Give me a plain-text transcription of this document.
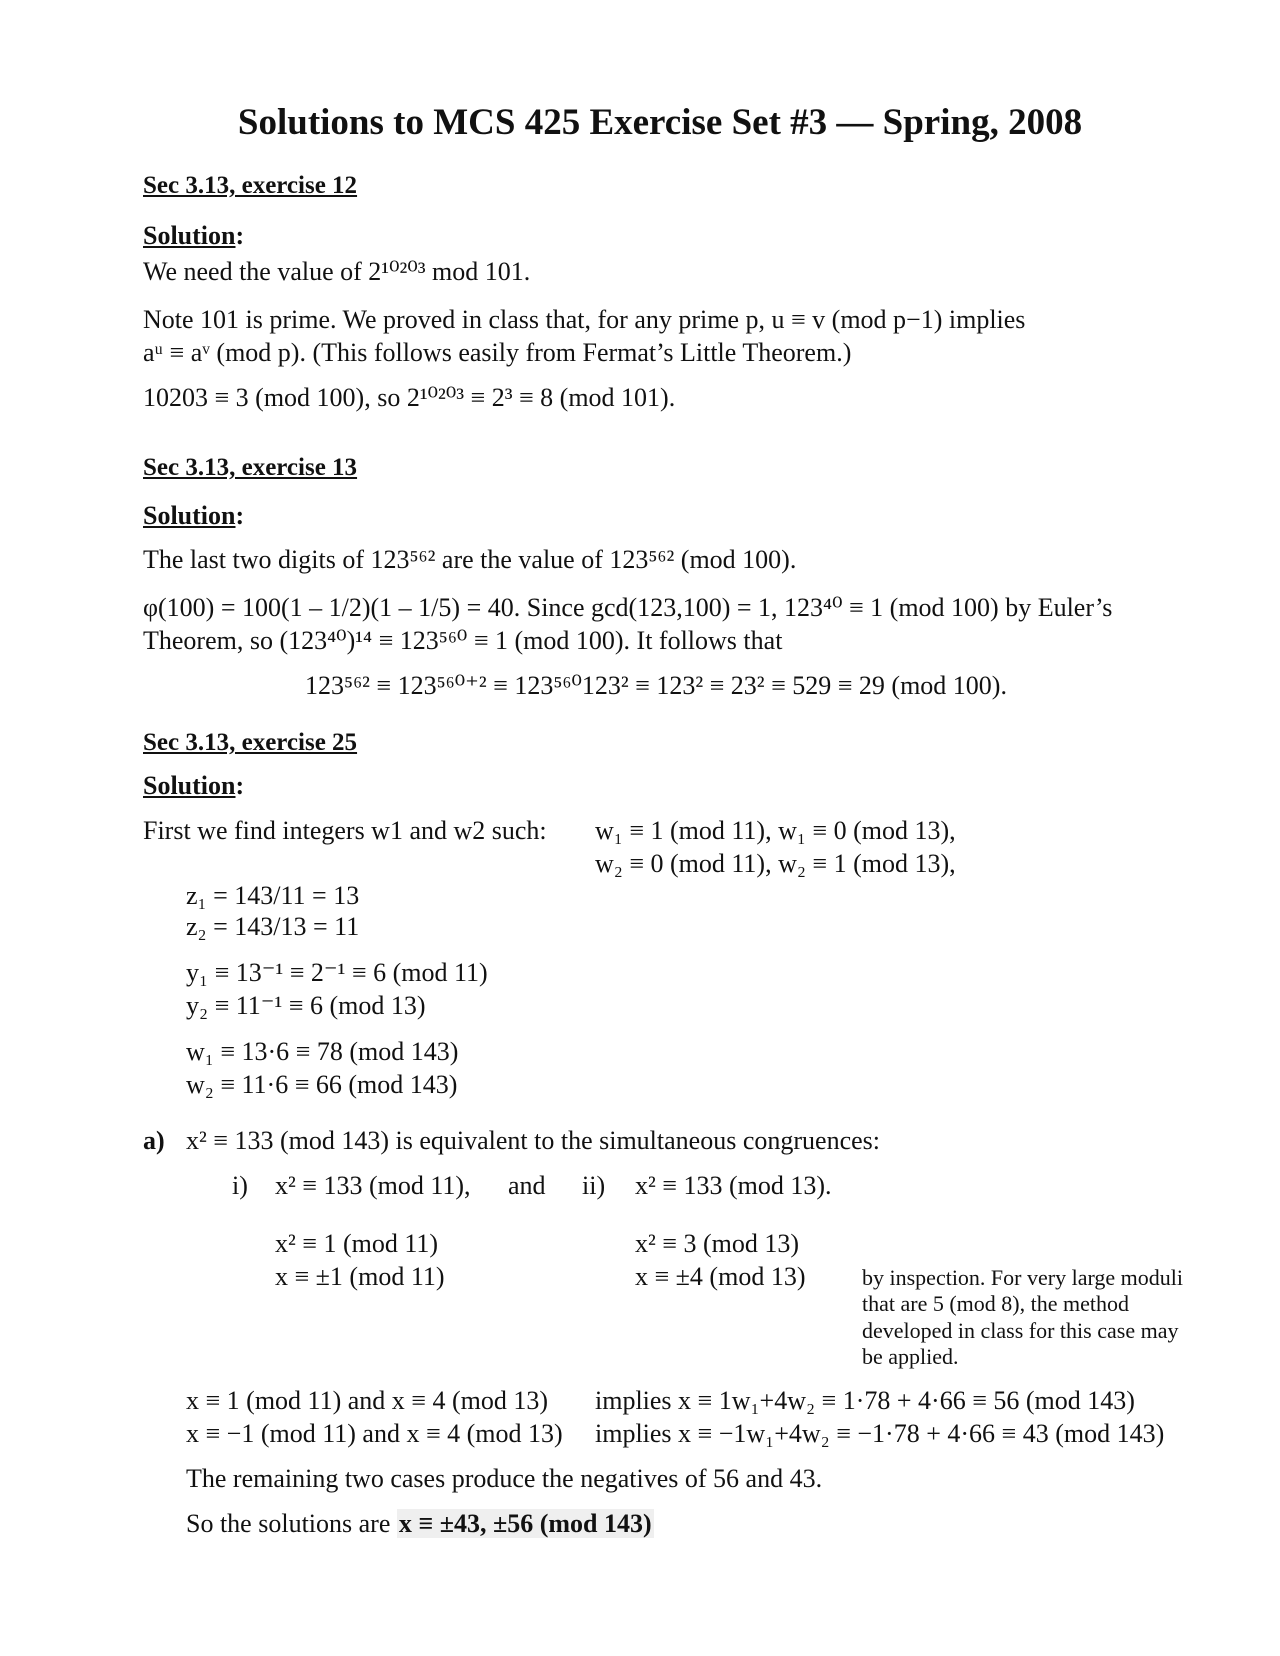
Solutions to MCS 425 Exercise Set #3 — Spring, 2008
Sec 3.13, exercise 12
Solution:
We need the value of 2¹⁰²⁰³ mod 101.
Note 101 is prime. We proved in class that, for any prime p, u ≡ v (mod p−1) implies
aᵘ ≡ aᵛ (mod p). (This follows easily from Fermat’s Little Theorem.)
10203 ≡ 3 (mod 100), so 2¹⁰²⁰³ ≡ 2³ ≡ 8 (mod 101).
Sec 3.13, exercise 13
Solution:
The last two digits of 123⁵⁶² are the value of 123⁵⁶² (mod 100).
φ(100) = 100(1 – 1/2)(1 – 1/5) = 40. Since gcd(123,100) = 1, 123⁴⁰ ≡ 1 (mod 100) by Euler’s
Theorem, so (123⁴⁰)¹⁴ ≡ 123⁵⁶⁰ ≡ 1 (mod 100). It follows that
123⁵⁶² ≡ 123⁵⁶⁰⁺² ≡ 123⁵⁶⁰123² ≡ 123² ≡ 23² ≡ 529 ≡ 29 (mod 100).
Sec 3.13, exercise 25
Solution:
First we find integers w1 and w2 such: w₁ ≡ 1 (mod 11), w₁ ≡ 0 (mod 13),
w₂ ≡ 0 (mod 11), w₂ ≡ 1 (mod 13),
z₁ = 143/11 = 13
z₂ = 143/13 = 11
y₁ ≡ 13⁻¹ ≡ 2⁻¹ ≡ 6 (mod 11)
y₂ ≡ 11⁻¹ ≡ 6 (mod 13)
w₁ ≡ 13·6 ≡ 78 (mod 143)
w₂ ≡ 11·6 ≡ 66 (mod 143)
a) x² ≡ 133 (mod 143) is equivalent to the simultaneous congruences:
i) x² ≡ 133 (mod 11), and ii) x² ≡ 133 (mod 13).
x² ≡ 1 (mod 11)
x ≡ ±1 (mod 11)
x² ≡ 3 (mod 13)
x ≡ ±4 (mod 13)	by inspection. For very large moduli that are 5 (mod 8), the method developed in class for this case may be applied.
x ≡ 1 (mod 11) and x ≡ 4 (mod 13) implies x ≡ 1w₁+4w₂ ≡ 1·78 + 4·66 ≡ 56 (mod 143)
x ≡ −1 (mod 11) and x ≡ 4 (mod 13) implies x ≡ −1w₁+4w₂ ≡ −1·78 + 4·66 ≡ 43 (mod 143)
The remaining two cases produce the negatives of 56 and 43.
So the solutions are x ≡ ±43, ±56 (mod 143)
